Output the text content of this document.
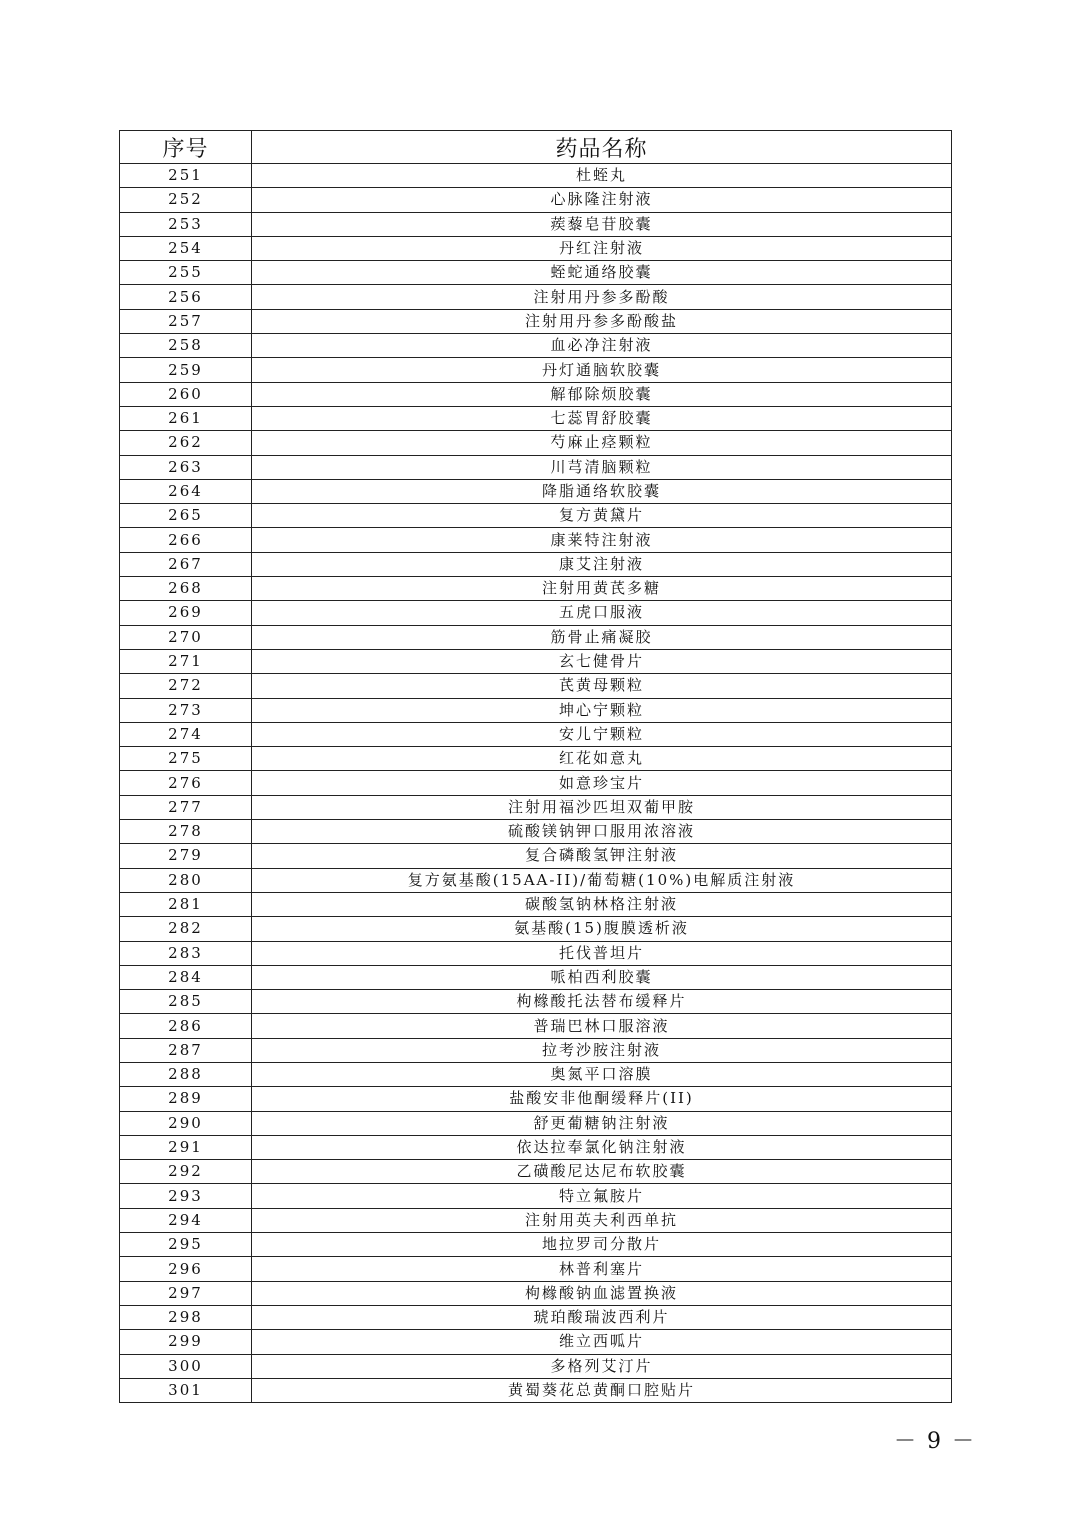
序号	药品名称
251	杜蛭丸
252	心脉隆注射液
253	蒺藜皂苷胶囊
254	丹红注射液
255	蛭蛇通络胶囊
256	注射用丹参多酚酸
257	注射用丹参多酚酸盐
258	血必净注射液
259	丹灯通脑软胶囊
260	解郁除烦胶囊
261	七蕊胃舒胶囊
262	芍麻止痉颗粒
263	川芎清脑颗粒
264	降脂通络软胶囊
265	复方黄黛片
266	康莱特注射液
267	康艾注射液
268	注射用黄芪多糖
269	五虎口服液
270	筋骨止痛凝胶
271	玄七健骨片
272	芪黄母颗粒
273	坤心宁颗粒
274	安儿宁颗粒
275	红花如意丸
276	如意珍宝片
277	注射用福沙匹坦双葡甲胺
278	硫酸镁钠钾口服用浓溶液
279	复合磷酸氢钾注射液
280	复方氨基酸(15AA-II)/葡萄糖(10%)电解质注射液
281	碳酸氢钠林格注射液
282	氨基酸(15)腹膜透析液
283	托伐普坦片
284	哌柏西利胶囊
285	枸橼酸托法替布缓释片
286	普瑞巴林口服溶液
287	拉考沙胺注射液
288	奥氮平口溶膜
289	盐酸安非他酮缓释片(II)
290	舒更葡糖钠注射液
291	依达拉奉氯化钠注射液
292	乙磺酸尼达尼布软胶囊
293	特立氟胺片
294	注射用英夫利西单抗
295	地拉罗司分散片
296	林普利塞片
297	枸橼酸钠血滤置换液
298	琥珀酸瑞波西利片
299	维立西呱片
300	多格列艾汀片
301	黄蜀葵花总黄酮口腔贴片
－ 9 －
